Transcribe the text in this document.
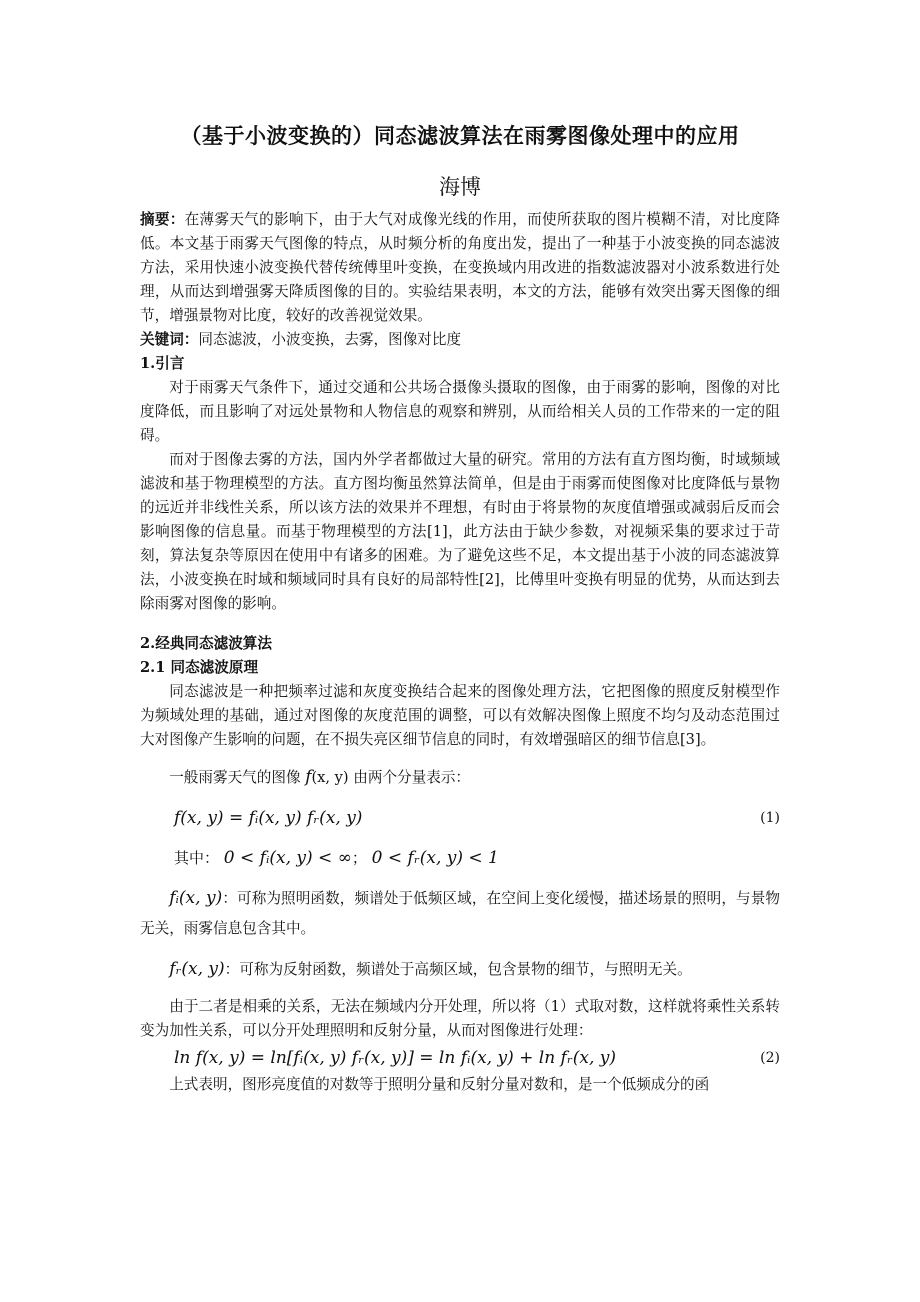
（基于小波变换的）同态滤波算法在雨雾图像处理中的应用
海博

摘要：在薄雾天气的影响下，由于大气对成像光线的作用，而使所获取的图片模糊不清，对比度降低。本文基于雨雾天气图像的特点，从时频分析的角度出发，提出了一种基于小波变换的同态滤波方法，采用快速小波变换代替传统傅里叶变换，在变换域内用改进的指数滤波器对小波系数进行处理，从而达到增强雾天降质图像的目的。实验结果表明，本文的方法，能够有效突出雾天图像的细节，增强景物对比度，较好的改善视觉效果。

关键词：同态滤波，小波变换，去雾，图像对比度

1.引言

对于雨雾天气条件下，通过交通和公共场合摄像头摄取的图像，由于雨雾的影响，图像的对比度降低，而且影响了对远处景物和人物信息的观察和辨别，从而给相关人员的工作带来的一定的阻碍。

而对于图像去雾的方法，国内外学者都做过大量的研究。常用的方法有直方图均衡，时域频域滤波和基于物理模型的方法。直方图均衡虽然算法简单，但是由于雨雾而使图像对比度降低与景物的远近并非线性关系，所以该方法的效果并不理想，有时由于将景物的灰度值增强或减弱后反而会影响图像的信息量。而基于物理模型的方法[1]，此方法由于缺少参数，对视频采集的要求过于苛刻，算法复杂等原因在使用中有诸多的困难。为了避免这些不足，本文提出基于小波的同态滤波算法，小波变换在时域和频域同时具有良好的局部特性[2]，比傅里叶变换有明显的优势，从而达到去除雨雾对图像的影响。

2.经典同态滤波算法
2.1 同态滤波原理

同态滤波是一种把频率过滤和灰度变换结合起来的图像处理方法，它把图像的照度反射模型作为频域处理的基础，通过对图像的灰度范围的调整，可以有效解决图像上照度不均匀及动态范围过大对图像产生影响的问题，在不损失亮区细节信息的同时，有效增强暗区的细节信息[3]。

一般雨雾天气的图像 f(x, y) 由两个分量表示：

f(x, y) = fᵢ(x, y) fᵣ(x, y)	(1)
其中： 0 < fᵢ(x, y) < ∞； 0 < fᵣ(x, y) < 1

fᵢ(x, y)：可称为照明函数，频谱处于低频区域，在空间上变化缓慢，描述场景的照明，与景物无关，雨雾信息包含其中。

fᵣ(x, y)：可称为反射函数，频谱处于高频区域，包含景物的细节，与照明无关。

由于二者是相乘的关系，无法在频域内分开处理，所以将（1）式取对数，这样就将乘性关系转变为加性关系，可以分开处理照明和反射分量，从而对图像进行处理：

ln f(x, y) = ln[fᵢ(x, y) fᵣ(x, y)] = ln fᵢ(x, y) + ln fᵣ(x, y)	(2)

上式表明，图形亮度值的对数等于照明分量和反射分量对数和，是一个低频成分的函
